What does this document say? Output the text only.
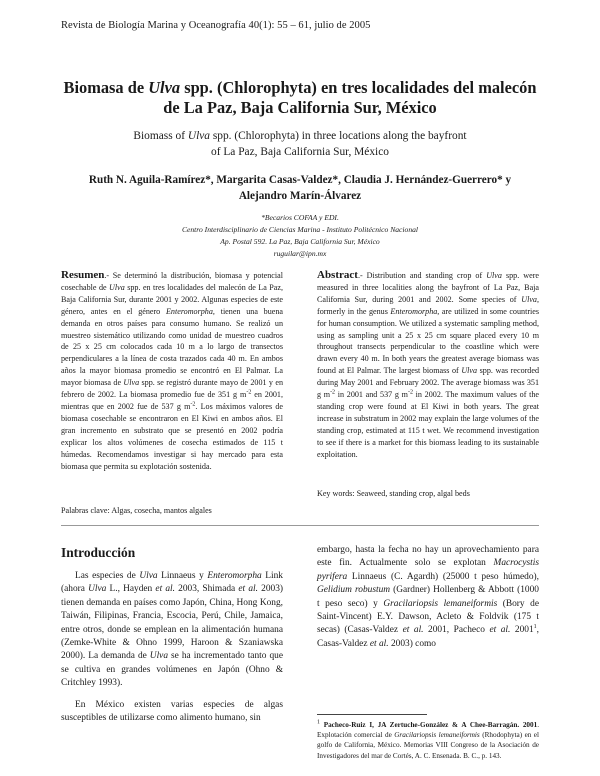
Revista de Biología Marina y Oceanografía 40(1): 55 – 61, julio de 2005
Biomasa de Ulva spp. (Chlorophyta) en tres localidades del malecón
de La Paz, Baja California Sur, México
Biomass of Ulva spp. (Chlorophyta) in three locations along the bayfront
of La Paz, Baja California Sur, México
Ruth N. Aguila-Ramírez*, Margarita Casas-Valdez*, Claudia J. Hernández-Guerrero* y
Alejandro Marín-Álvarez
*Becarios COFAA y EDI.
Centro Interdisciplinario de Ciencias Marina - Instituto Politécnico Nacional
Ap. Postal 592. La Paz, Baja California Sur, México
ruguilar@ipn.mx

Resumen.- Se determinó la distribución, biomasa y potencial cosechable de Ulva spp. en tres localidades del malecón de La Paz, Baja California Sur, durante 2001 y 2002. Algunas especies de este género, antes en el género Enteromorpha, tienen una buena demanda en otros países para consumo humano. Se realizó un muestreo sistemático utilizando como unidad de muestreo cuadros de 25 x 25 cm colocados cada 10 m a lo largo de transectos perpendiculares a la línea de costa trazados cada 40 m. En ambos años la mayor biomasa promedio se encontró en El Palmar. La mayor biomasa de Ulva spp. se registró durante mayo de 2001 y en febrero de 2002. La biomasa promedio fue de 351 g $m^{-2}$ en 2001, mientras que en 2002 fue de 537 g $m^{-2}$. Los máximos valores de biomasa cosechable se encontraron en El Kiwi en ambos años. El gran incremento en substrato que se presentó en 2002 podría explicar los altos volúmenes de cosecha estimados de 115 t húmedas. Recomendamos investigar si hay mercado para esta biomasa que permita su explotación sostenida.

Palabras clave: Algas, cosecha, mantos algales

Abstract.- Distribution and standing crop of Ulva spp. were measured in three localities along the bayfront of La Paz, Baja California Sur, during 2001 and 2002. Some species of Ulva, formerly in the genus Enteromorpha, are utilized in some countries for human consumption. We utilized a systematic sampling method, using as sampling unit a 25 x 25 cm square placed every 10 m throughout transects perpendicular to the coastline which were drawn every 40 m. In both years the greatest average biomass was found at El Palmar. The largest biomass of Ulva spp. was recorded during May 2001 and February 2002. The average biomass was 351 g $m^{-2}$ in 2001 and 537 g $m^{-2}$ in 2002. The maximum values of the standing crop were found at El Kiwi in both years. The great increase in substratum in 2002 may explain the large volumes of the standing crop, estimated at 115 t wet. We recommend investigation to see if there is a market for this biomass leading to its sustainable exploitation.

Key words: Seaweed, standing crop, algal beds
Introducción

Las especies de Ulva Linnaeus y Enteromorpha Link (ahora Ulva L., Hayden et al. 2003, Shimada et al. 2003) tienen demanda en países como Japón, China, Hong Kong, Taiwán, Filipinas, Francia, Escocia, Perú, Chile, Jamaica, entre otros, donde se emplean en la alimentación humana (Zemke-White & Ohno 1999, Haroon & Szaniawska 2000). La demanda de Ulva se ha incrementado tanto que se cultiva en grandes volúmenes en Japón (Ohno & Critchley 1993).

En México existen varias especies de algas susceptibles de utilizarse como alimento humano, sin

embargo, hasta la fecha no hay un aprovechamiento para este fin. Actualmente solo se explotan Macrocystis pyrifera Linnaeus (C. Agardh) (25000 t peso húmedo), Gelidium robustum (Gardner) Hollenberg & Abbott (1000 t peso seco) y Gracilariopsis lemaneiformis (Bory de Saint-Vincent) E.Y. Dawson, Acleto & Foldvik (175 t secas) (Casas-Valdez et al. 2001, Pacheco et al. 2001$^1$, Casas-Valdez et al. 2003) como

$^1$ Pacheco-Ruiz I, JA Zertuche-González & A Chee-Barragán. 2001. Explotación comercial de Gracilariopsis lemaneiformis (Rhodophyta) en el golfo de California, México. Memorias VIII Congreso de la Asociación de Investigadores del mar de Cortés, A. C. Ensenada. B. C., p. 143.
